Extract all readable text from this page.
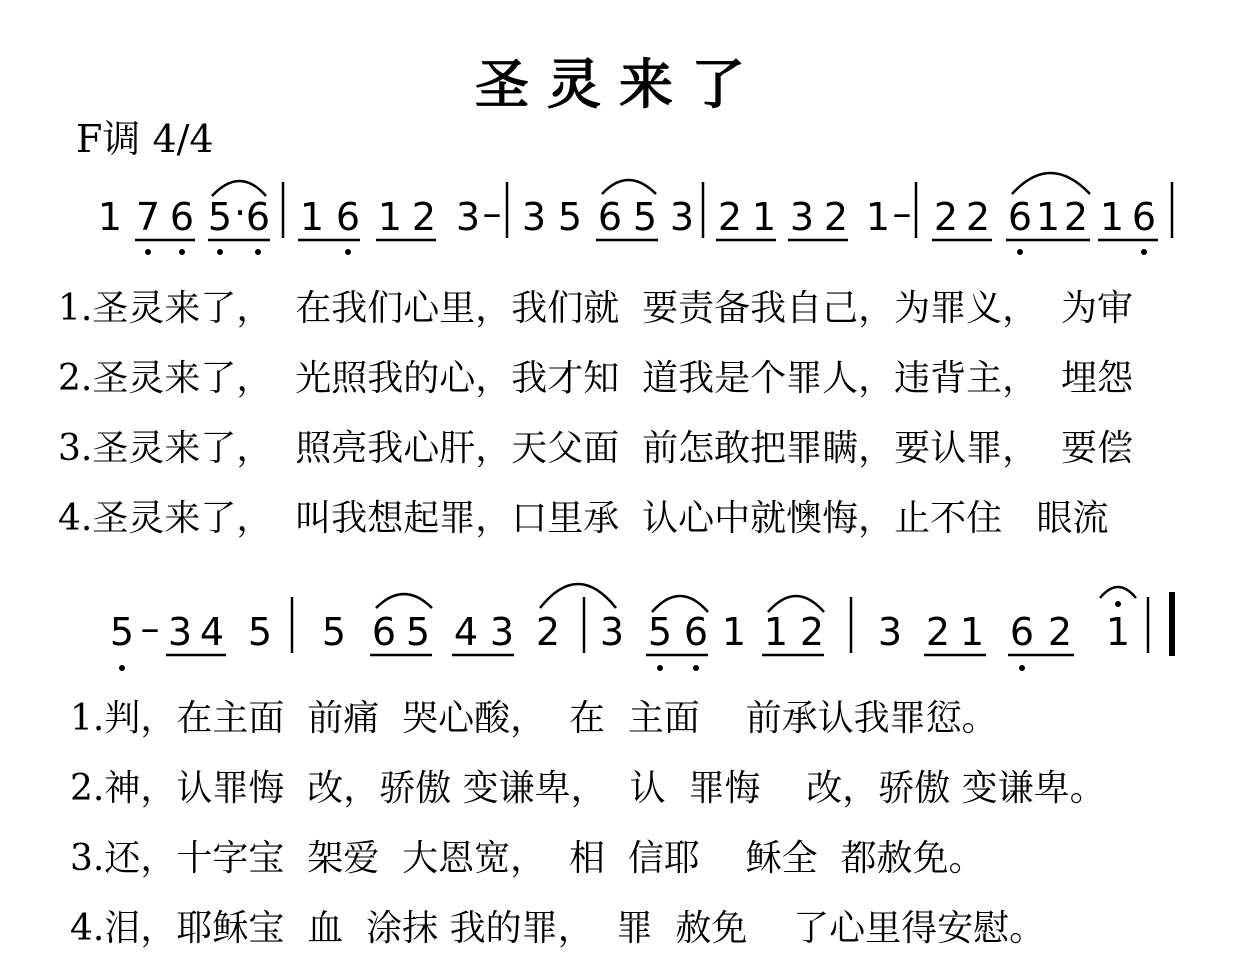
圣灵来了
F调 4/4
1 7 6 5 · 6 1 6 1 2 3 – 3 5 6 5 3 2 1 3 2 1 – 2 2 6 1 2 1 6
5 – 3 4 5 5 6 5 4 3 2 3 5 6 1 1 2 3 2 1 6 2 1
1.圣灵来了，  在我们心里，我们就  要责备我自己，为罪义，  为审
2.圣灵来了，  光照我的心，我才知  道我是个罪人，违背主，  埋怨
3.圣灵来了，  照亮我心肝，天父面  前怎敢把罪瞒，要认罪，  要偿
4.圣灵来了，  叫我想起罪，口里承  认心中就懊悔，止不住   眼流
1.判，在主面  前痛  哭心酸，  在  主面    前承认我罪愆。
2.神，认罪悔  改，骄傲 变谦卑，  认  罪悔    改，骄傲 变谦卑。
3.还，十字宝  架爱  大恩宽，  相  信耶    稣全  都赦免。
4.泪，耶稣宝  血  涂抹 我的罪，  罪  赦免    了心里得安慰。
